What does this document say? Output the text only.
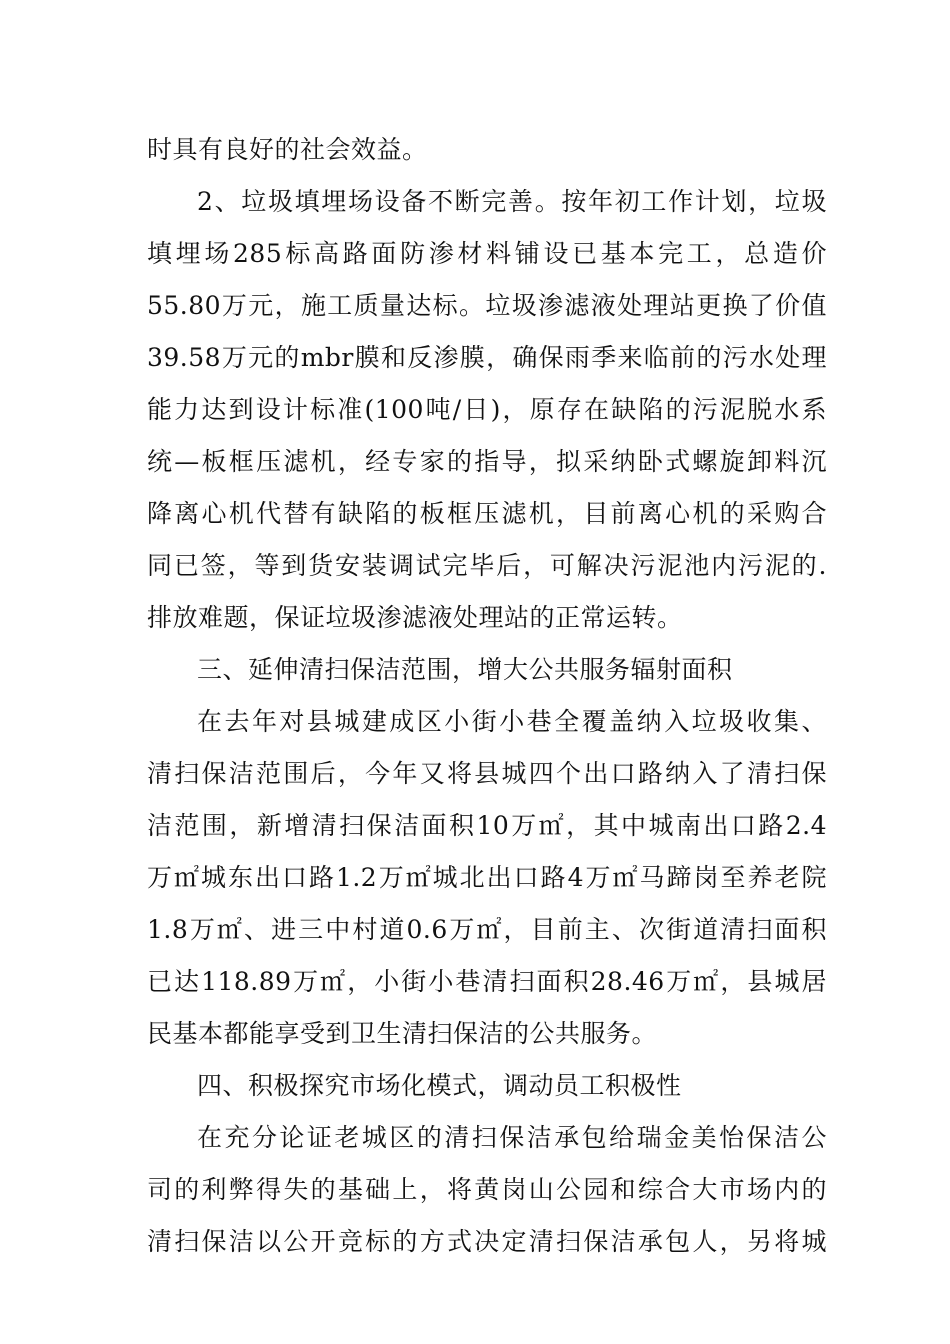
时具有良好的社会效益。
2、垃圾填埋场设备不断完善。按年初工作计划，垃圾
填埋场285标高路面防渗材料铺设已基本完工，总造价
55.80万元，施工质量达标。垃圾渗滤液处理站更换了价值
39.58万元的mbr膜和反渗膜，确保雨季来临前的污水处理
能力达到设计标准(100吨/日)，原存在缺陷的污泥脱水系
统—板框压滤机，经专家的指导，拟采纳卧式螺旋卸料沉
降离心机代替有缺陷的板框压滤机，目前离心机的采购合
同已签，等到货安装调试完毕后，可解决污泥池内污泥的.
排放难题，保证垃圾渗滤液处理站的正常运转。
三、延伸清扫保洁范围，增大公共服务辐射面积
在去年对县城建成区小街小巷全覆盖纳入垃圾收集、
清扫保洁范围后，今年又将县城四个出口路纳入了清扫保
洁范围，新增清扫保洁面积10万㎡，其中城南出口路2.4
万㎡城东出口路1.2万㎡城北出口路4万㎡马蹄岗至养老院
1.8万㎡、进三中村道0.6万㎡，目前主、次街道清扫面积
已达118.89万㎡，小街小巷清扫面积28.46万㎡，县城居
民基本都能享受到卫生清扫保洁的公共服务。
四、积极探究市场化模式，调动员工积极性
在充分论证老城区的清扫保洁承包给瑞金美怡保洁公
司的利弊得失的基础上，将黄岗山公园和综合大市场内的
清扫保洁以公开竞标的方式决定清扫保洁承包人，另将城
